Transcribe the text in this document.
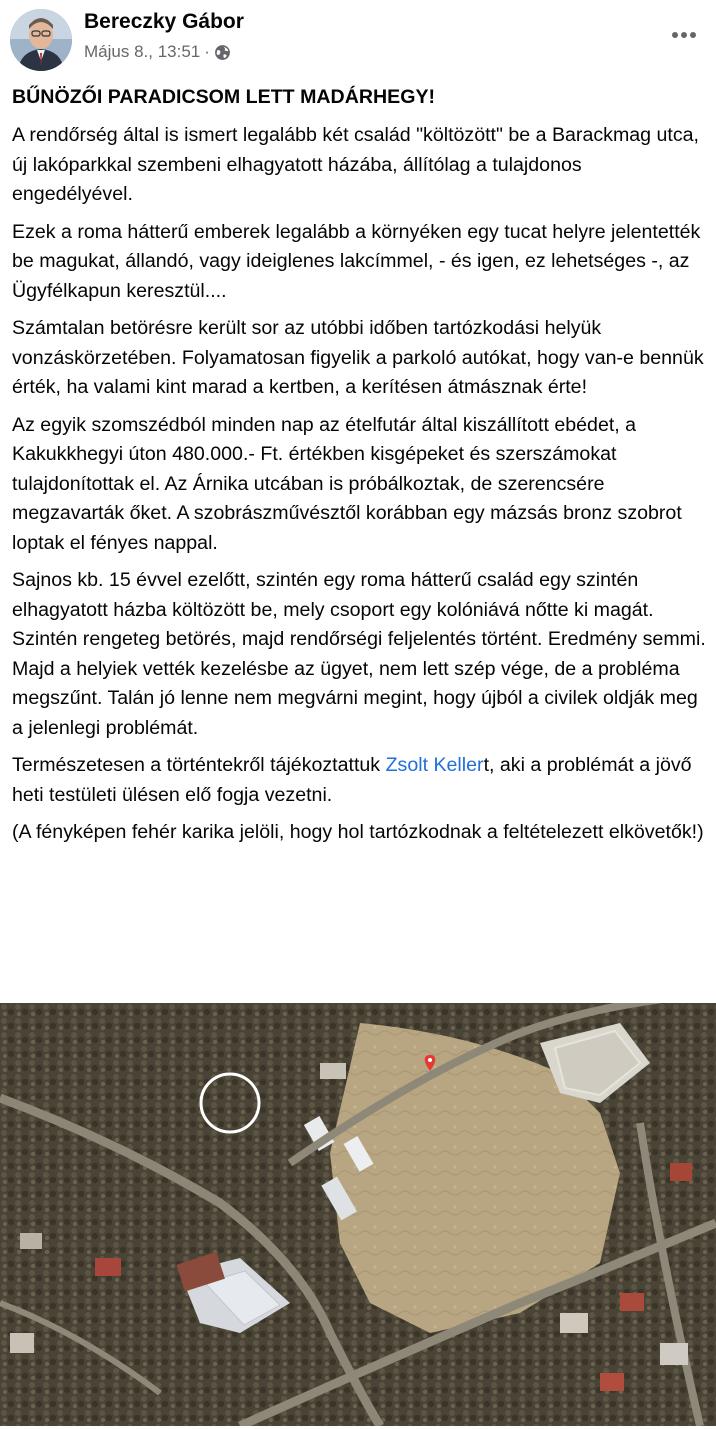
Bereczky Gábor
Május 8., 13:51 ·
BŰNÖZŐI PARADICSOM LETT MADÁRHEGY!

A rendőrség által is ismert legalább két család "költözött" be a Barackmag utca, új lakóparkkal szembeni elhagyatott házába, állítólag a tulajdonos engedélyével.

Ezek a roma hátterű emberek legalább a környéken egy tucat helyre jelentették be magukat, állandó, vagy ideiglenes lakcímmel, - és igen, ez lehetséges -, az Ügyfélkapun keresztül....

Számtalan betörésre került sor az utóbbi időben tartózkodási helyük vonzáskörzetében. Folyamatosan figyelik a parkoló autókat, hogy van-e bennük érték, ha valami kint marad a kertben, a kerítésen átmásznak érte!

Az egyik szomszédból minden nap az ételfutár által kiszállított ebédet, a Kakukkhegyi úton 480.000.- Ft. értékben kisgépeket és szerszámokat tulajdonítottak el. Az Árnika utcában is próbálkoztak, de szerencsére megzavarták őket. A szobrászművésztől korábban egy mázsás bronz szobrot loptak el fényes nappal.

Sajnos kb. 15 évvel ezelőtt, szintén egy roma hátterű család egy szintén elhagyatott házba költözött be, mely csoport egy kolóniává nőtte ki magát. Szintén rengeteg betörés, majd rendőrségi feljelentés történt. Eredmény semmi. Majd a helyiek vették kezelésbe az ügyet, nem lett szép vége, de a probléma megszűnt. Talán jó lenne nem megvárni megint, hogy újból a civilek oldják meg a jelenlegi problémát.

Természetesen a történtekről tájékoztattuk Zsolt Kellert, aki a problémát a jövő heti testületi ülésen elő fogja vezetni.

(A fényképen fehér karika jelöli, hogy hol tartózkodnak a feltételezett elkövetők!)
